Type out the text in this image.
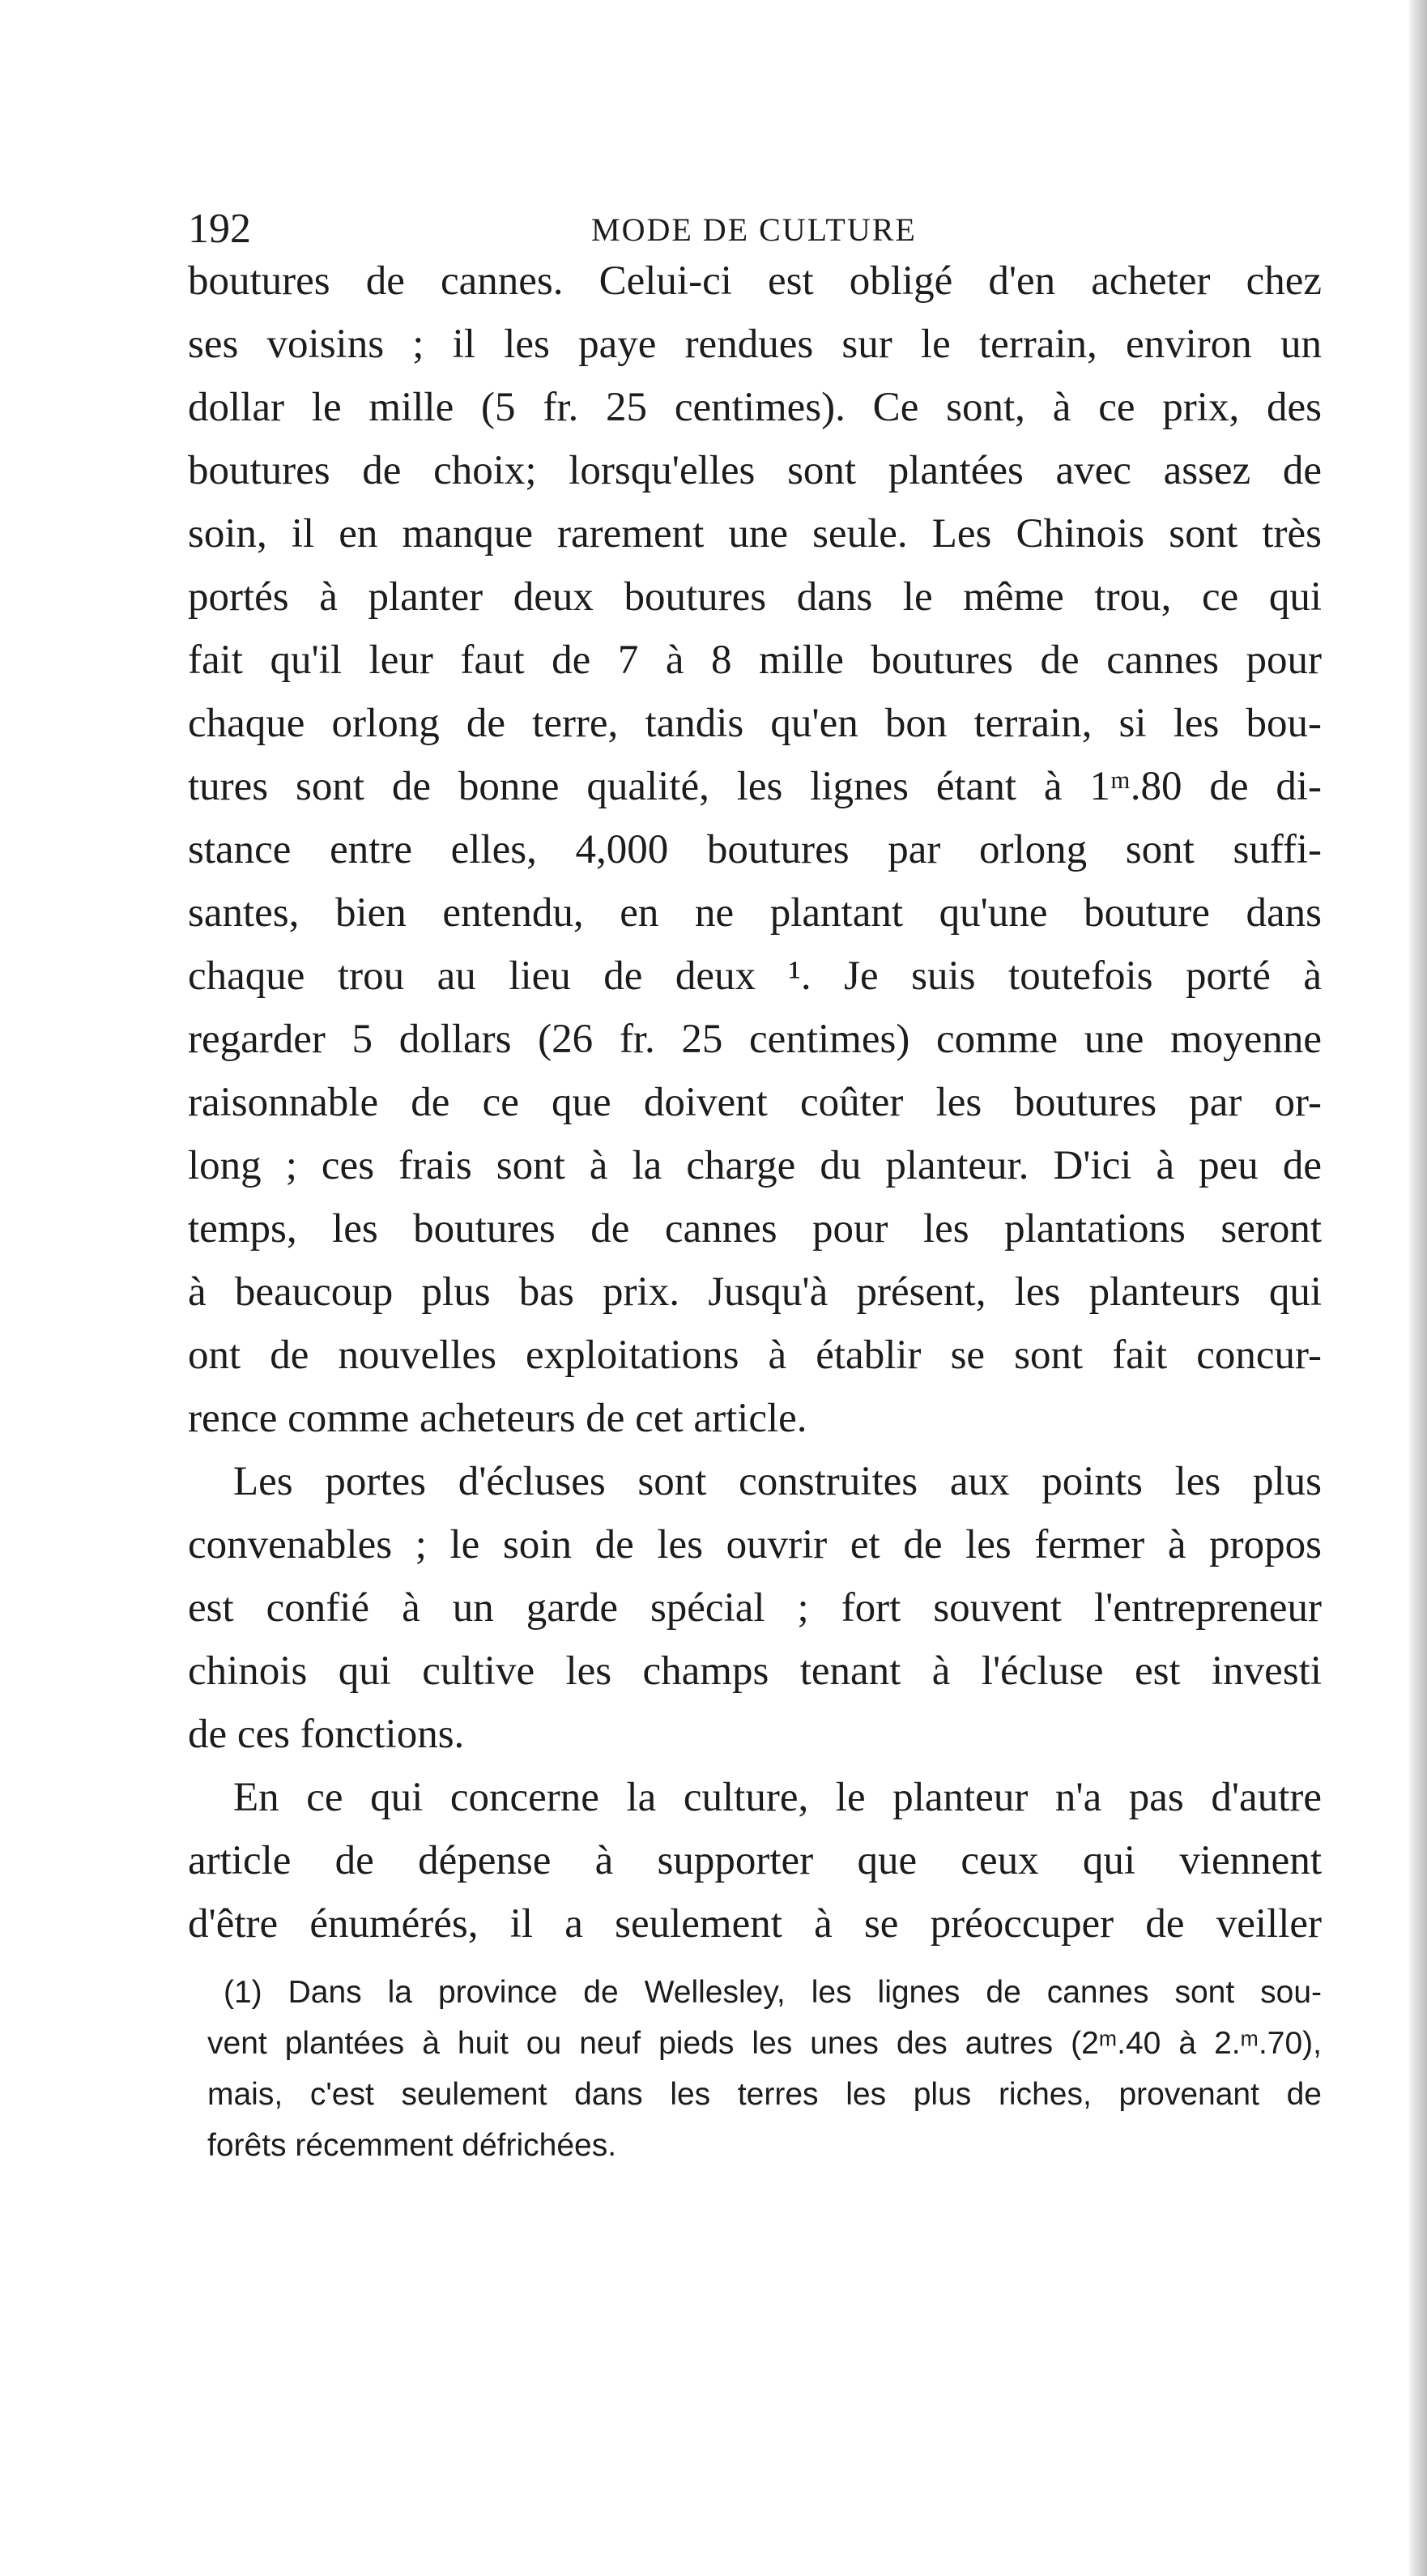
192	MODE DE CULTURE
boutures de cannes. Celui-ci est obligé d'en acheter chez
ses voisins ; il les paye rendues sur le terrain, environ un
dollar le mille (5 fr. 25 centimes). Ce sont, à ce prix, des
boutures de choix; lorsqu'elles sont plantées avec assez de
soin, il en manque rarement une seule. Les Chinois sont très
portés à planter deux boutures dans le même trou, ce qui
fait qu'il leur faut de 7 à 8 mille boutures de cannes pour
chaque orlong de terre, tandis qu'en bon terrain, si les bou-
tures sont de bonne qualité, les lignes étant à 1ᵐ.80 de di-
stance entre elles, 4,000 boutures par orlong sont suffi-
santes, bien entendu, en ne plantant qu'une bouture dans
chaque trou au lieu de deux ¹. Je suis toutefois porté à
regarder 5 dollars (26 fr. 25 centimes) comme une moyenne
raisonnable de ce que doivent coûter les boutures par or-
long ; ces frais sont à la charge du planteur. D'ici à peu de
temps, les boutures de cannes pour les plantations seront
à beaucoup plus bas prix. Jusqu'à présent, les planteurs qui
ont de nouvelles exploitations à établir se sont fait concur-
rence comme acheteurs de cet article.
Les portes d'écluses sont construites aux points les plus
convenables ; le soin de les ouvrir et de les fermer à propos
est confié à un garde spécial ; fort souvent l'entrepreneur
chinois qui cultive les champs tenant à l'écluse est investi
de ces fonctions.
En ce qui concerne la culture, le planteur n'a pas d'autre
article de dépense à supporter que ceux qui viennent
d'être énumérés, il a seulement à se préoccuper de veiller
(1) Dans la province de Wellesley, les lignes de cannes sont sou-
vent plantées à huit ou neuf pieds les unes des autres (2ᵐ.40 à 2.ᵐ.70),
mais, c'est seulement dans les terres les plus riches, provenant de
forêts récemment défrichées.
